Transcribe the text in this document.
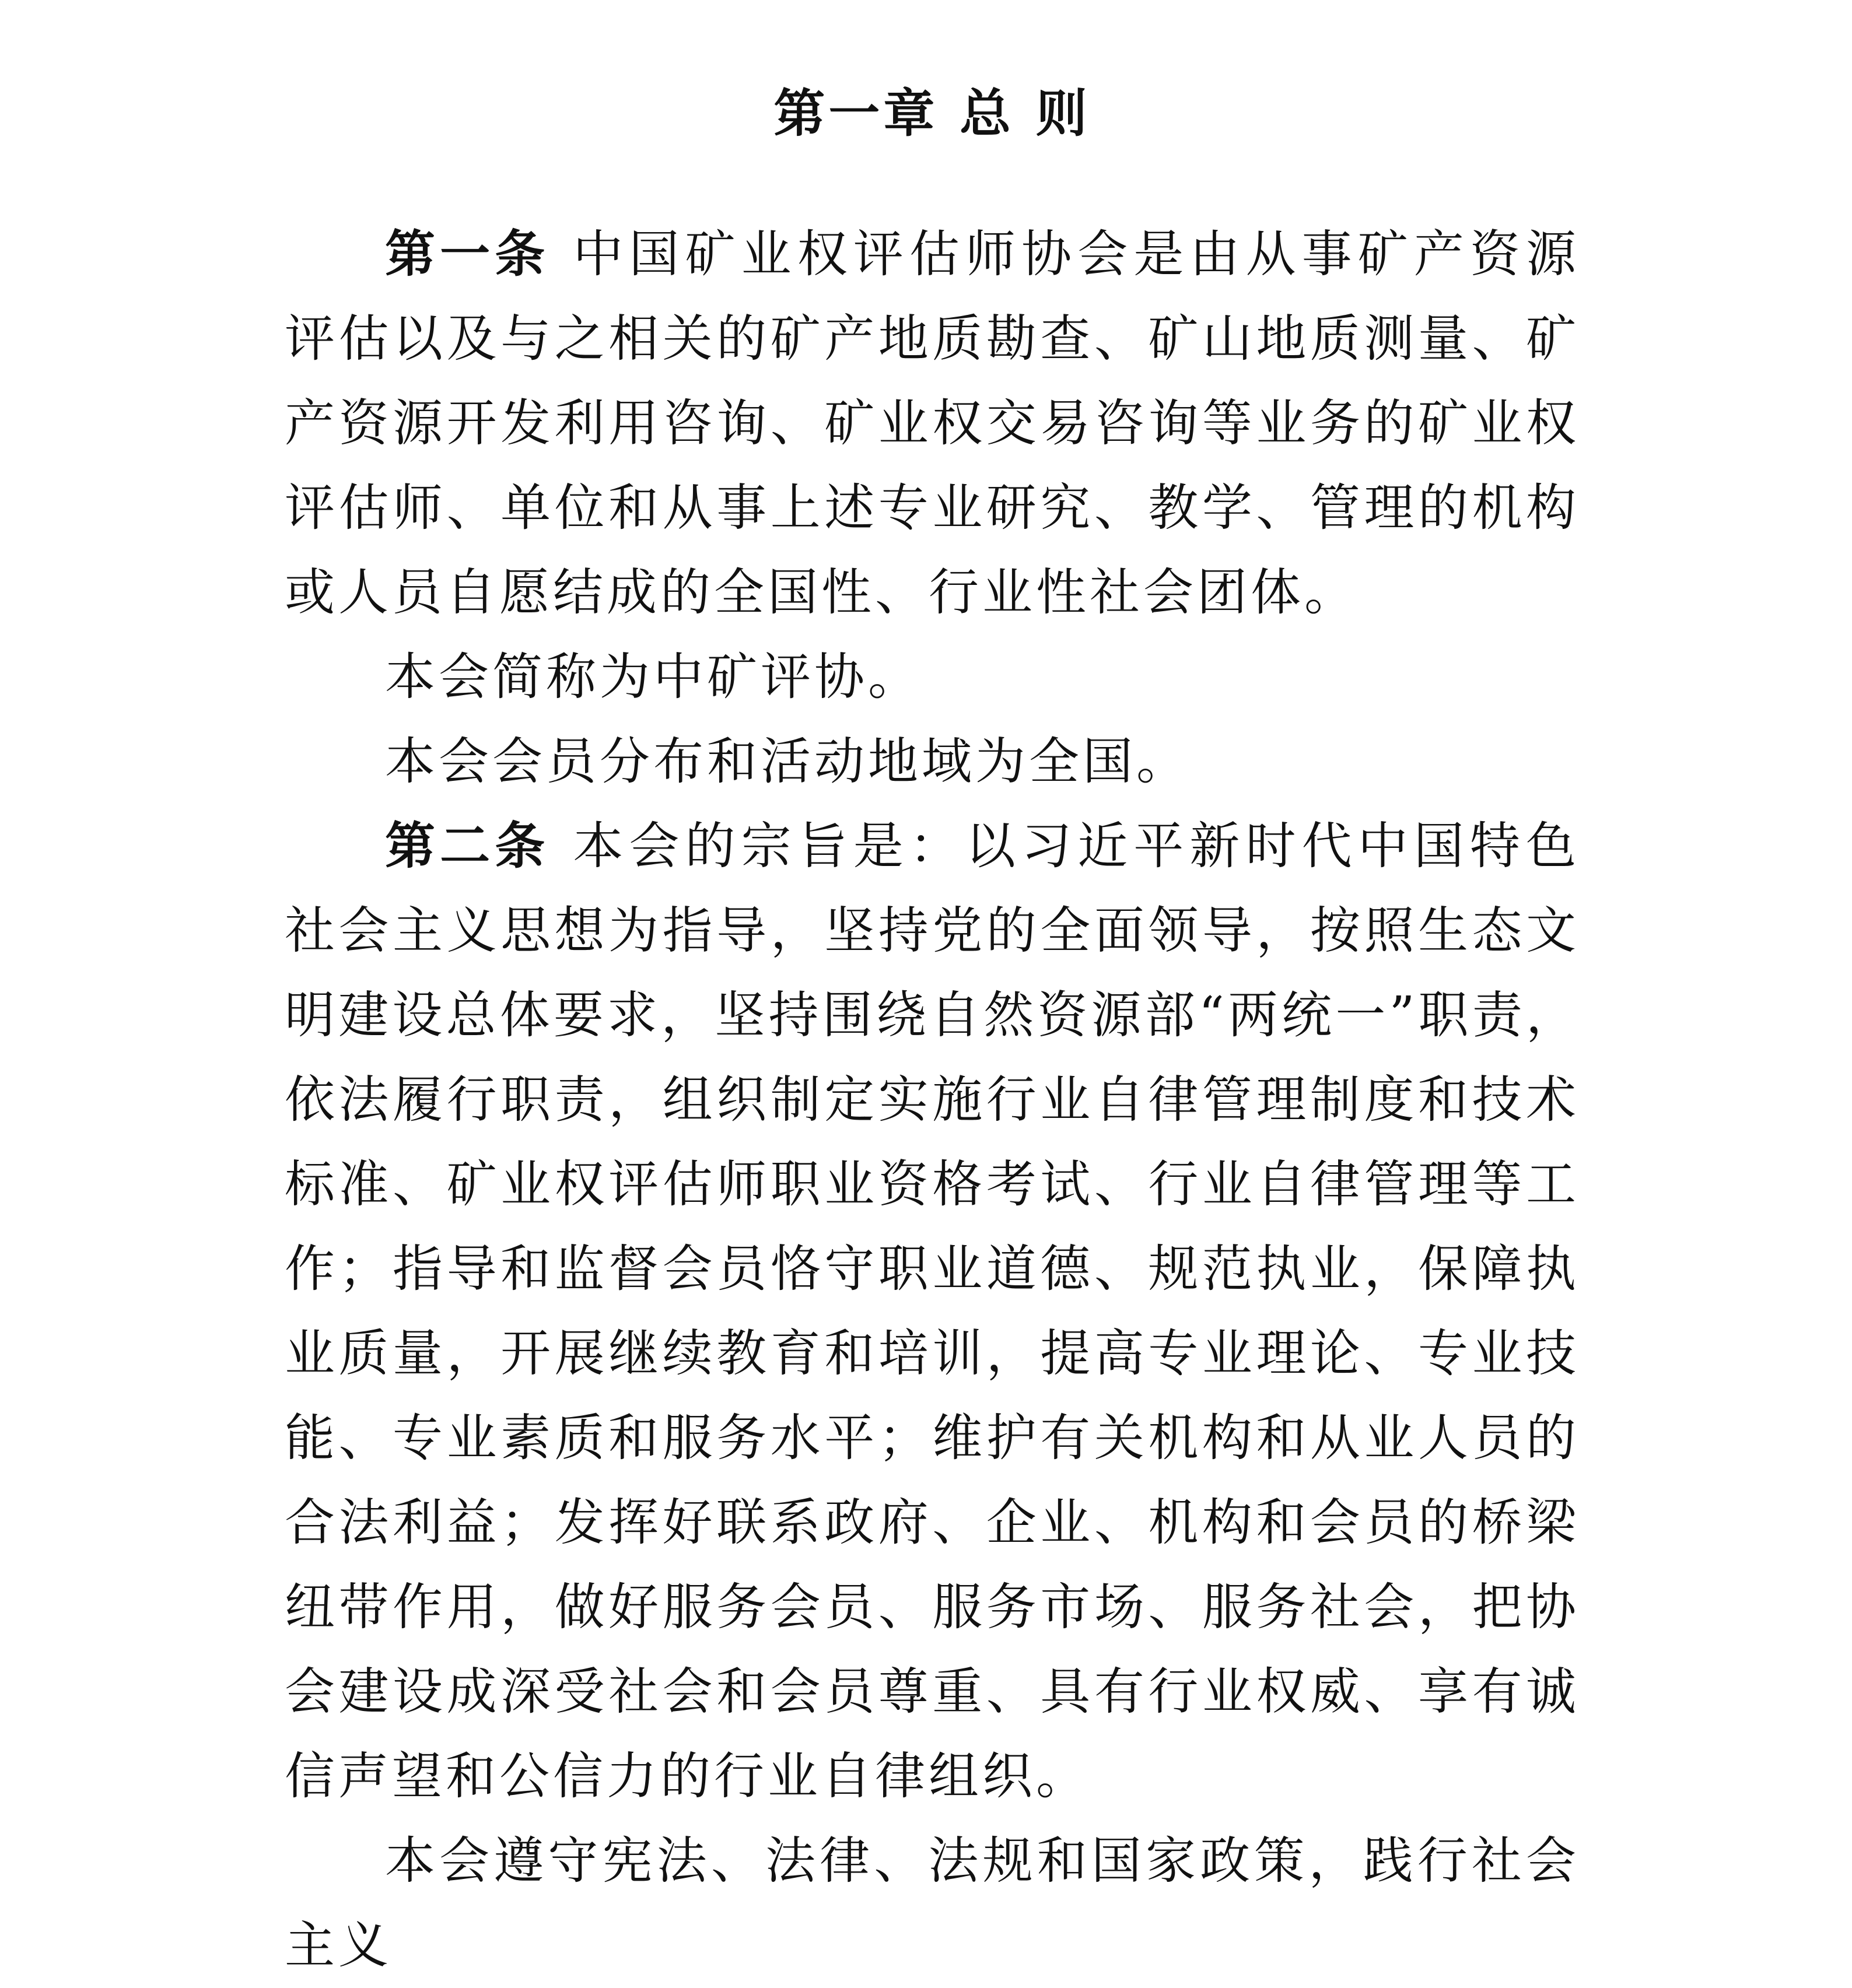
第一章 总 则

第一条 中国矿业权评估师协会是由从事矿产资源评估以及与之相关的矿产地质勘查、矿山地质测量、矿产资源开发利用咨询、矿业权交易咨询等业务的矿业权评估师、单位和从事上述专业研究、教学、管理的机构或人员自愿结成的全国性、行业性社会团体。

本会简称为中矿评协。

本会会员分布和活动地域为全国。

第二条 本会的宗旨是：以习近平新时代中国特色社会主义思想为指导，坚持党的全面领导，按照生态文明建设总体要求，坚持围绕自然资源部“两统一”职责，依法履行职责，组织制定实施行业自律管理制度和技术标准、矿业权评估师职业资格考试、行业自律管理等工作；指导和监督会员恪守职业道德、规范执业，保障执业质量，开展继续教育和培训，提高专业理论、专业技能、专业素质和服务水平；维护有关机构和从业人员的合法利益；发挥好联系政府、企业、机构和会员的桥梁纽带作用，做好服务会员、服务市场、服务社会，把协会建设成深受社会和会员尊重、具有行业权威、享有诚信声望和公信力的行业自律组织。

本会遵守宪法、法律、法规和国家政策，践行社会主义
